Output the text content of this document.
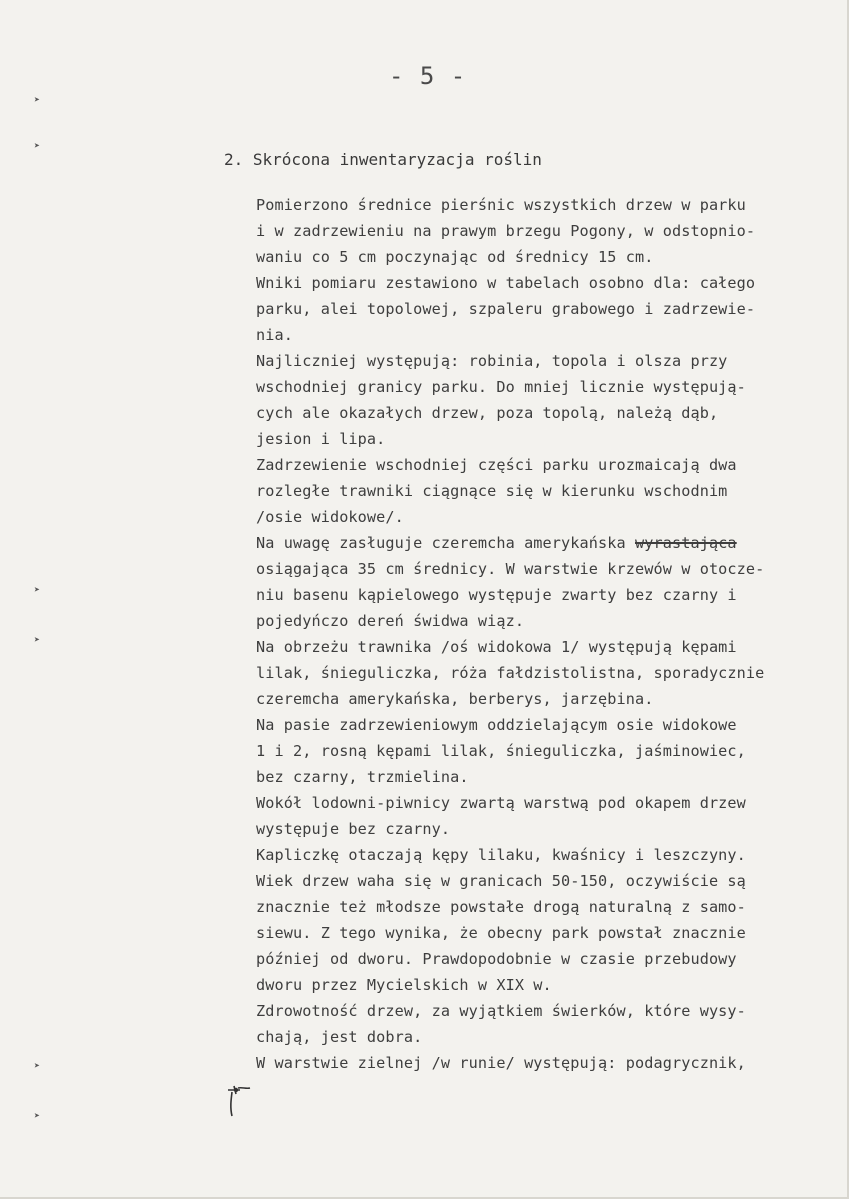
➤
➤
➤
➤
➤
➤
- 5 -
2. Skrócona inwentaryzacja roślin
Pomierzono średnice pierśnic wszystkich drzew w parku
i w zadrzewieniu na prawym brzegu Pogony, w odstopnio-
waniu co 5 cm poczynając od średnicy 15 cm.
Wniki pomiaru zestawiono w tabelach osobno dla: całego
parku, alei topolowej, szpaleru grabowego i zadrzewie-
nia.
Najliczniej występują: robinia, topola i olsza przy
wschodniej granicy parku. Do mniej licznie występują-
cych ale okazałych drzew, poza topolą, należą dąb,
jesion i lipa.
Zadrzewienie wschodniej części parku urozmaicają dwa
rozległe trawniki ciągnące się w kierunku wschodnim
/osie widokowe/.
Na uwagę zasługuje czeremcha amerykańska wyrastająca
osiągająca 35 cm średnicy. W warstwie krzewów w otocze-
niu basenu kąpielowego występuje zwarty bez czarny i
pojedyńczo dereń świdwa wiąz.
Na obrzeżu trawnika /oś widokowa 1/ występują kępami
lilak, śnieguliczka, róża fałdzistolistna, sporadycznie
czeremcha amerykańska, berberys, jarzębina.
Na pasie zadrzewieniowym oddzielającym osie widokowe
1 i 2, rosną kępami lilak, śnieguliczka, jaśminowiec,
bez czarny, trzmielina.
Wokół lodowni-piwnicy zwartą warstwą pod okapem drzew
występuje bez czarny.
Kapliczkę otaczają kępy lilaku, kwaśnicy i leszczyny.
Wiek drzew waha się w granicach 50-150, oczywiście są
znacznie też młodsze powstałe drogą naturalną z samo-
siewu. Z tego wynika, że obecny park powstał znacznie
później od dworu. Prawdopodobnie w czasie przebudowy
dworu przez Mycielskich w XIX w.
Zdrowotność drzew, za wyjątkiem świerków, które wysy-
chają, jest dobra.
W warstwie zielnej /w runie/ występują: podagrycznik,
